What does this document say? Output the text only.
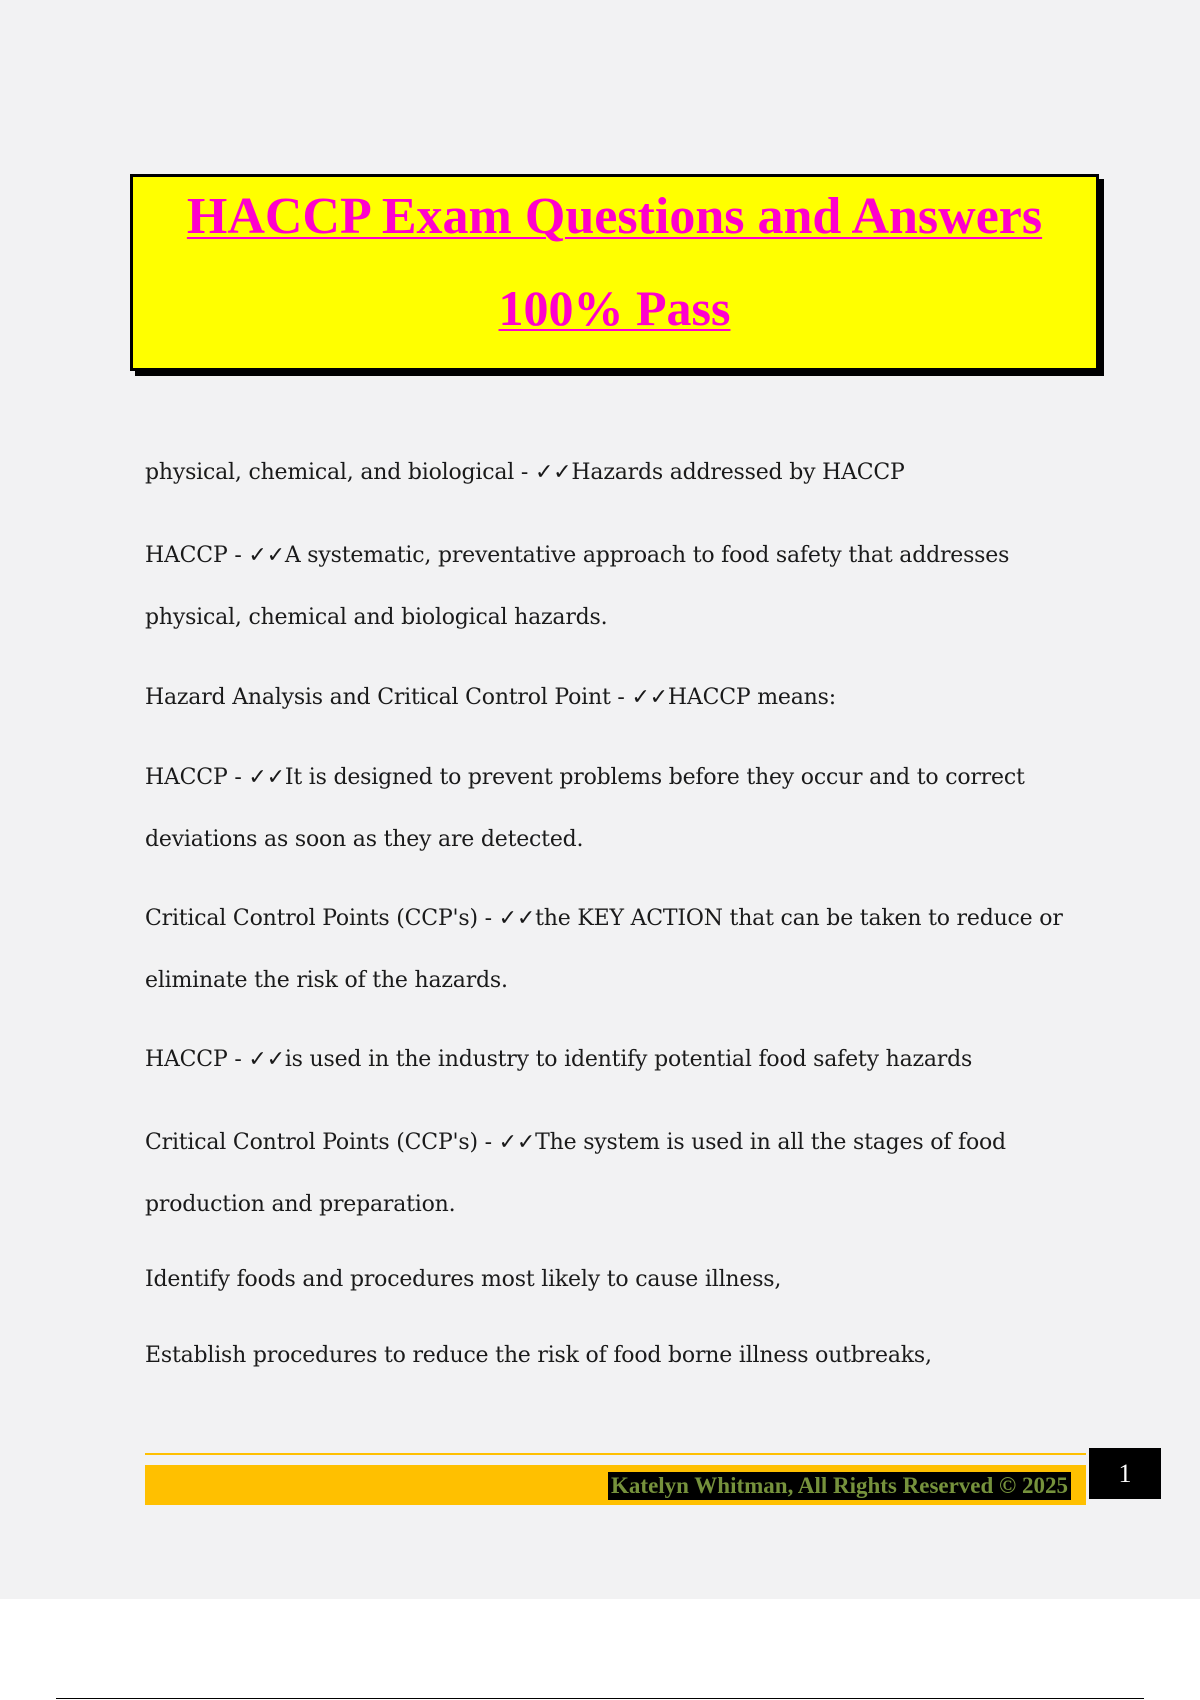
HACCP Exam Questions and Answers
100% Pass
physical, chemical, and biological - ✓✓Hazards addressed by HACCP
HACCP - ✓✓A systematic, preventative approach to food safety that addresses
physical, chemical and biological hazards.
Hazard Analysis and Critical Control Point - ✓✓HACCP means:
HACCP - ✓✓It is designed to prevent problems before they occur and to correct
deviations as soon as they are detected.
Critical Control Points (CCP's) - ✓✓the KEY ACTION that can be taken to reduce or
eliminate the risk of the hazards.
HACCP - ✓✓is used in the industry to identify potential food safety hazards
Critical Control Points (CCP's) - ✓✓The system is used in all the stages of food
production and preparation.
Identify foods and procedures most likely to cause illness,
Establish procedures to reduce the risk of food borne illness outbreaks,
Katelyn Whitman, All Rights Reserved © 2025	1
